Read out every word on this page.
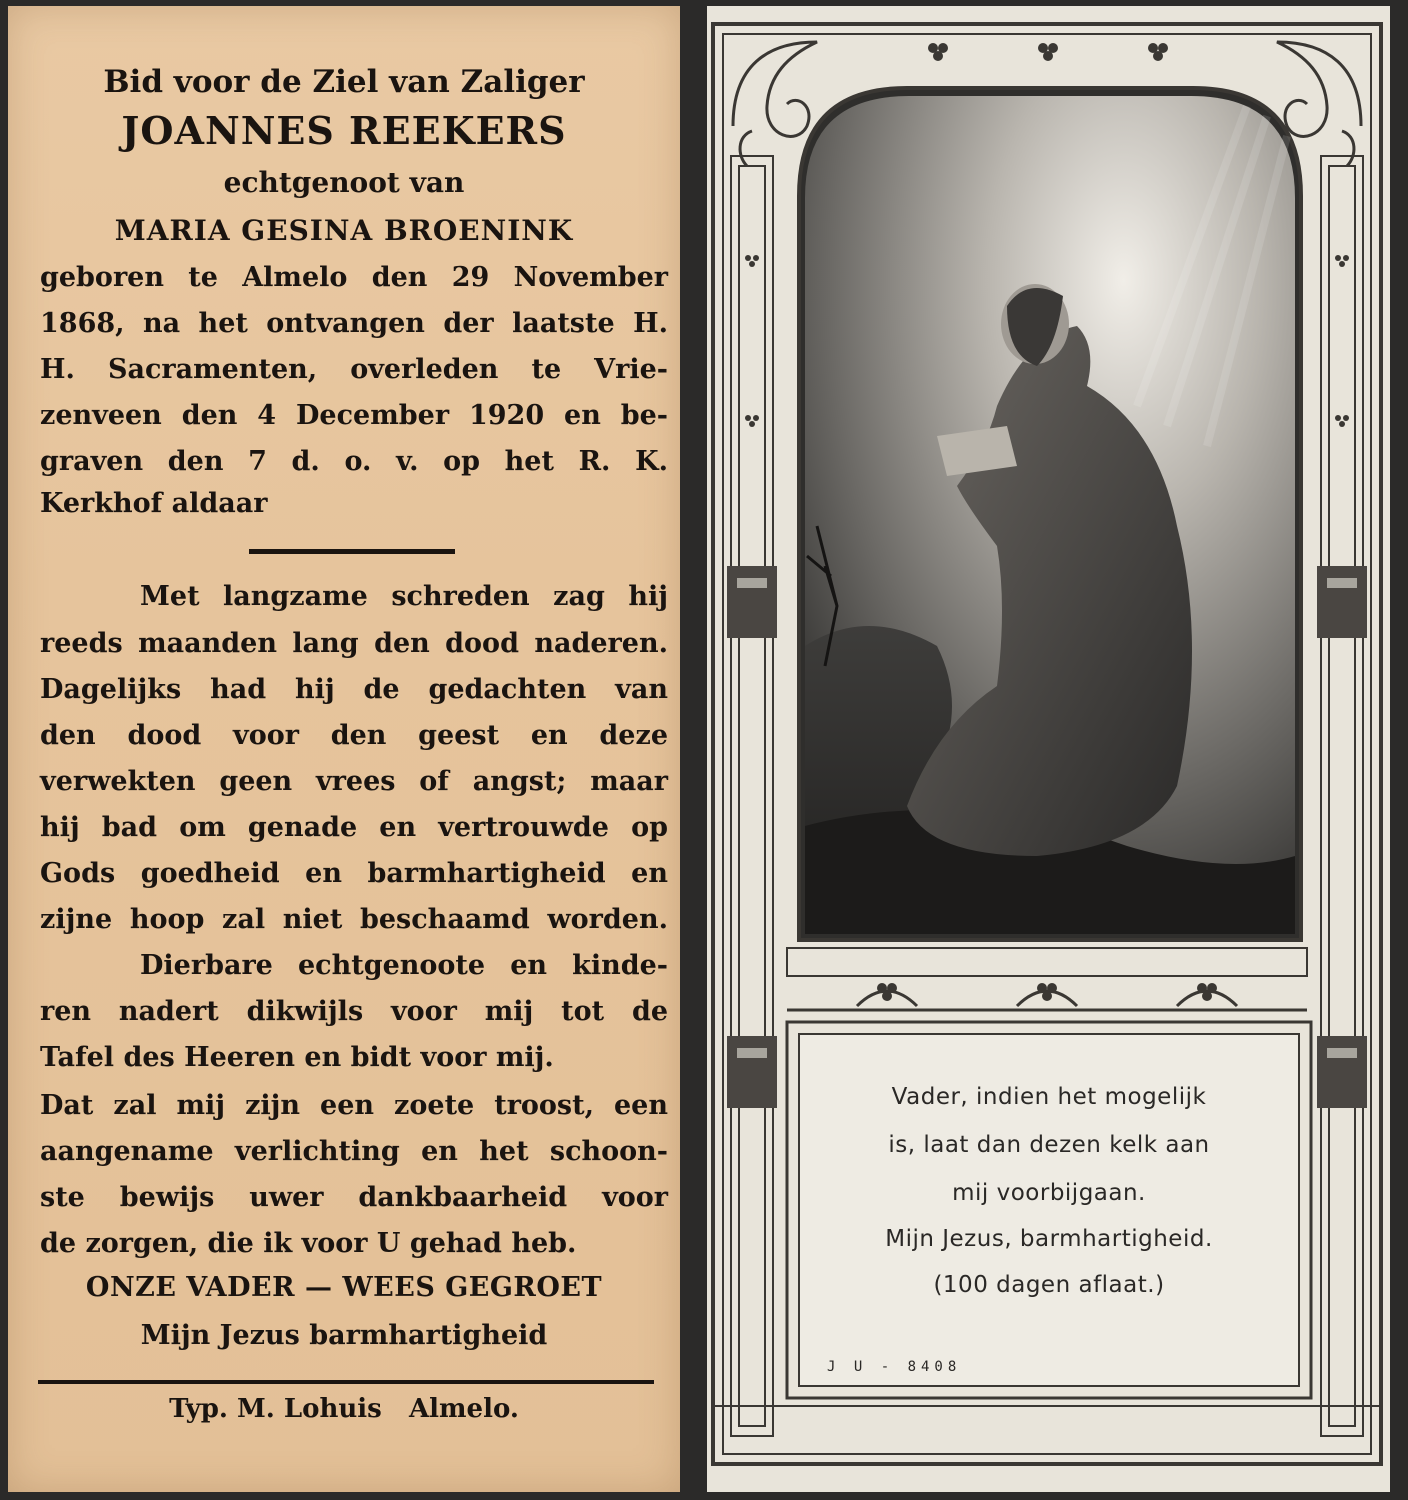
Bid voor de Ziel van Zaliger
JOANNES REEKERS
echtgenoot van
MARIA GESINA BROENINK
geboren te Almelo den 29 November
1868, na het ontvangen der laatste H.
H. Sacramenten, overleden te Vrie-
zenveen den 4 December 1920 en be-
graven den 7 d. o. v. op het R. K.
Kerkhof aldaar
Met langzame schreden zag hij
reeds maanden lang den dood naderen.
Dagelijks had hij de gedachten van
den dood voor den geest en deze
verwekten geen vrees of angst; maar
hij bad om genade en vertrouwde op
Gods goedheid en barmhartigheid en
zijne hoop zal niet beschaamd worden.
Dierbare echtgenoote en kinde-
ren nadert dikwijls voor mij tot de
Tafel des Heeren en bidt voor mij.
Dat zal mij zijn een zoete troost, een
aangename verlichting en het schoon-
ste bewijs uwer dankbaarheid voor
de zorgen, die ik voor U gehad heb.
ONZE VADER — WEES GEGROET
Mijn Jezus barmhartigheid
Typ. M. Lohuis   Almelo.
Vader, indien het mogelijk
is, laat dan dezen kelk aan
mij voorbijgaan.
Mijn Jezus, barmhartigheid.
(100 dagen aflaat.)
J U - 8408
